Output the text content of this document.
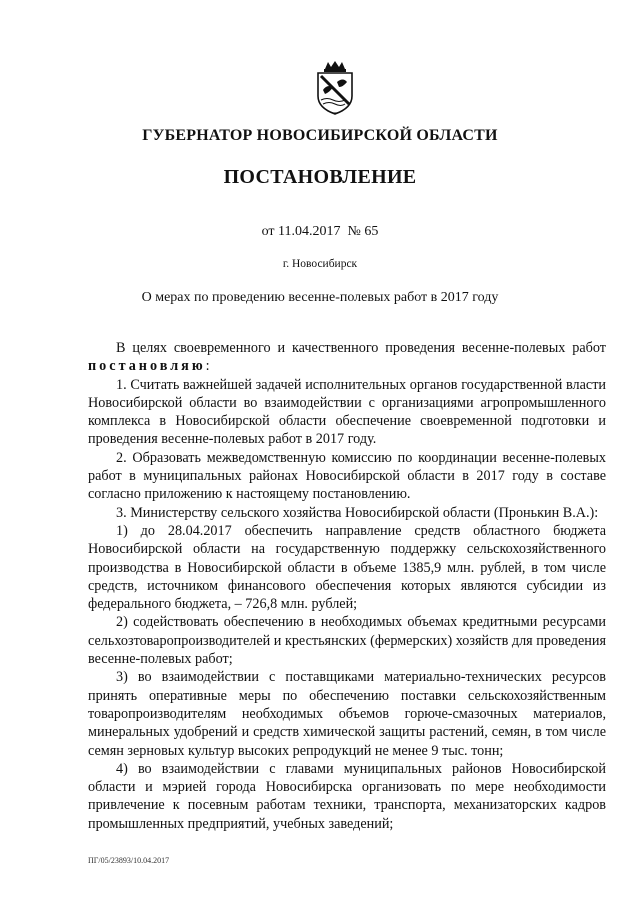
ГУБЕРНАТОР НОВОСИБИРСКОЙ ОБЛАСТИ
ПОСТАНОВЛЕНИЕ
от 11.04.2017  № 65
г. Новосибирск
О мерах по проведению весенне-полевых работ в 2017 году

В целях своевременного и качественного проведения весенне-полевых работ постановляю:

1. Считать важнейшей задачей исполнительных органов государственной власти Новосибирской области во взаимодействии с организациями агропромышленного комплекса в Новосибирской области обеспечение своевременной подготовки и проведения весенне-полевых работ в 2017 году.

2. Образовать межведомственную комиссию по координации весенне-полевых работ в муниципальных районах Новосибирской области в 2017 году в составе согласно приложению к настоящему постановлению.

3. Министерству сельского хозяйства Новосибирской области (Пронькин В.А.):

1) до 28.04.2017 обеспечить направление средств областного бюджета Новосибирской области на государственную поддержку сельскохозяйственного производства в Новосибирской области в объеме 1385,9 млн. рублей, в том числе средств, источником финансового обеспечения которых являются субсидии из федерального бюджета, – 726,8 млн. рублей;

2) содействовать обеспечению в необходимых объемах кредитными ресурсами сельхозтоваропроизводителей и крестьянских (фермерских) хозяйств для проведения весенне-полевых работ;

3) во взаимодействии с поставщиками материально-технических ресурсов принять оперативные меры по обеспечению поставки сельскохозяйственным товаропроизводителям необходимых объемов горюче-смазочных материалов, минеральных удобрений и средств химической защиты растений, семян, в том числе семян зерновых культур высоких репродукций не менее 9 тыс. тонн;

4) во взаимодействии с главами муниципальных районов Новосибирской области и мэрией города Новосибирска организовать по мере необходимости привлечение к посевным работам техники, транспорта, механизаторских кадров промышленных предприятий, учебных заведений;

ПГ/05/23893/10.04.2017
